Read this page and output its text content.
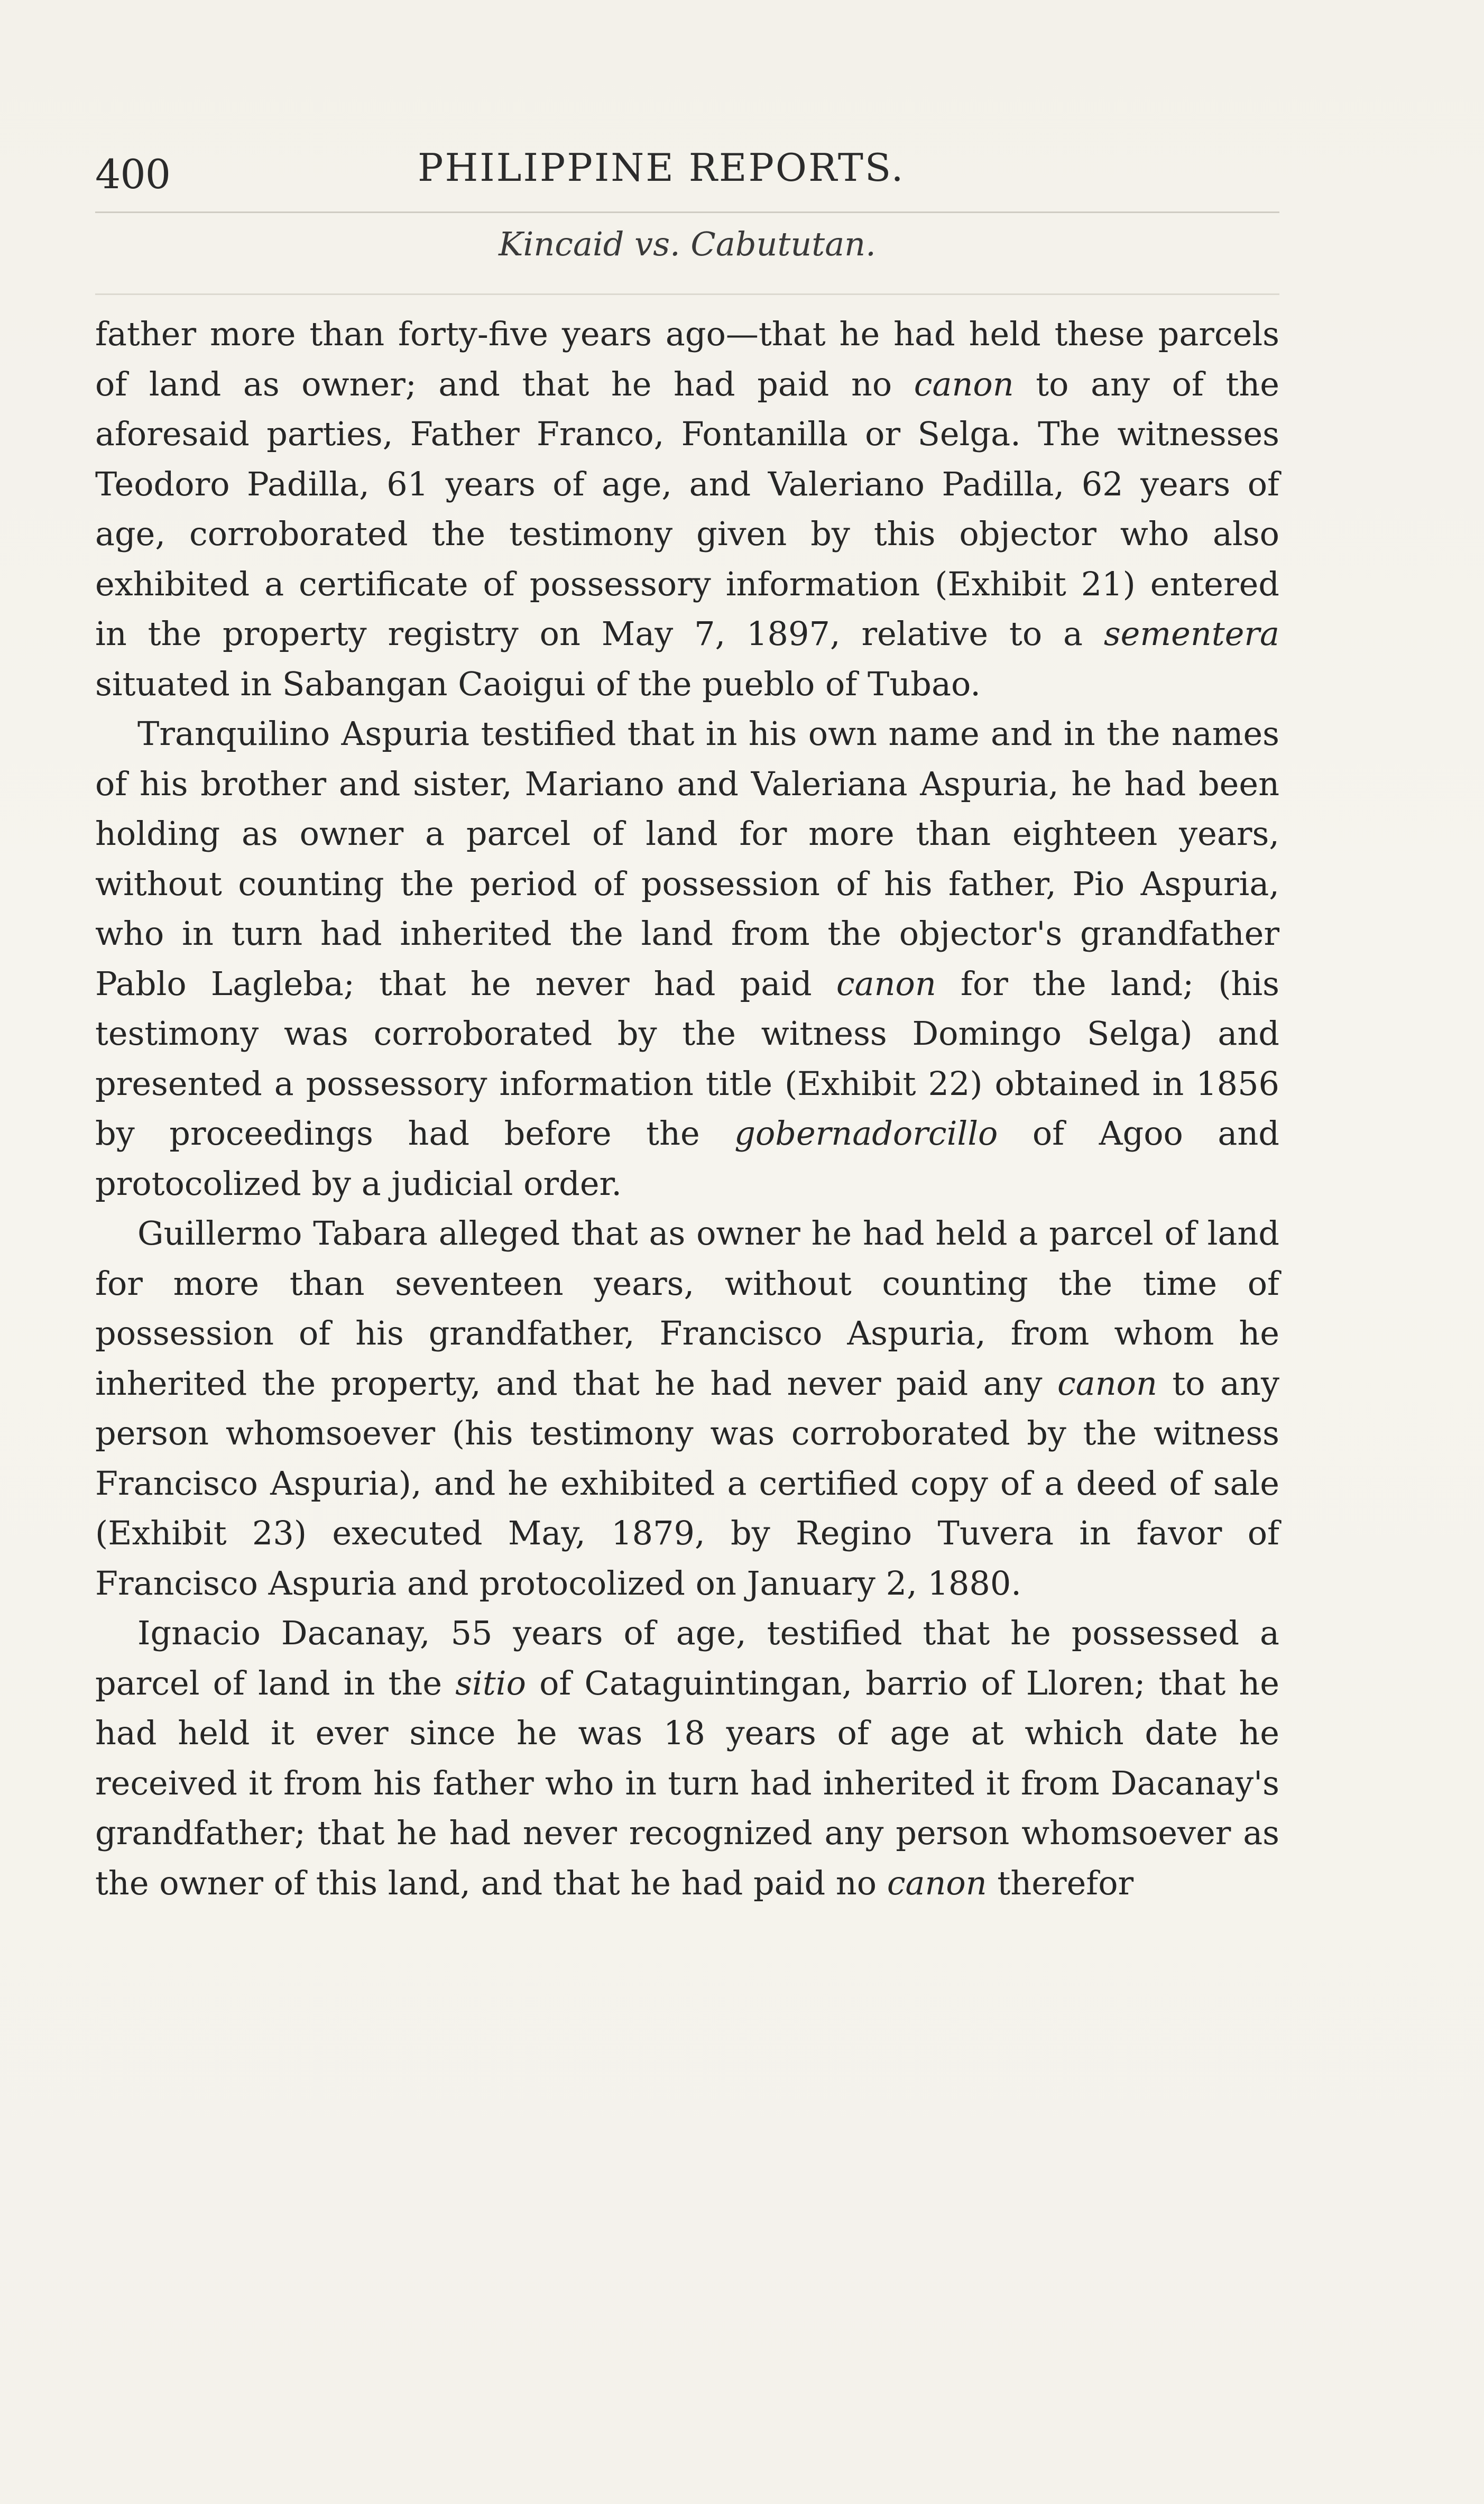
400	PHILIPPINE REPORTS.
Kincaid vs. Cabututan.

father more than forty-five years ago—that he had held these parcels of land as owner; and that he had paid no canon to any of the aforesaid parties, Father Franco, Fontanilla or Selga. The witnesses Teodoro Padilla, 61 years of age, and Valeriano Padilla, 62 years of age, corroborated the testimony given by this objector who also exhibited a certificate of possessory information (Exhibit 21) entered in the property registry on May 7, 1897, relative to a sementera situated in Sabangan Caoigui of the pueblo of Tubao.

Tranquilino Aspuria testified that in his own name and in the names of his brother and sister, Mariano and Valeriana Aspuria, he had been holding as owner a parcel of land for more than eighteen years, without counting the period of possession of his father, Pio Aspuria, who in turn had inherited the land from the objector's grandfather Pablo Lagleba; that he never had paid canon for the land; (his testimony was corroborated by the witness Domingo Selga) and presented a possessory information title (Exhibit 22) obtained in 1856 by proceedings had before the gobernadorcillo of Agoo and protocolized by a judicial order.

Guillermo Tabara alleged that as owner he had held a parcel of land for more than seventeen years, without counting the time of possession of his grandfather, Francisco Aspuria, from whom he inherited the property, and that he had never paid any canon to any person whomsoever (his testimony was corroborated by the witness Francisco Aspuria), and he exhibited a certified copy of a deed of sale (Exhibit 23) executed May, 1879, by Regino Tuvera in favor of Francisco Aspuria and protocolized on January 2, 1880.

Ignacio Dacanay, 55 years of age, testified that he possessed a parcel of land in the sitio of Cataguintingan, barrio of Lloren; that he had held it ever since he was 18 years of age at which date he received it from his father who in turn had inherited it from Dacanay's grandfather; that he had never recognized any person whomsoever as the owner of this land, and that he had paid no canon therefor
